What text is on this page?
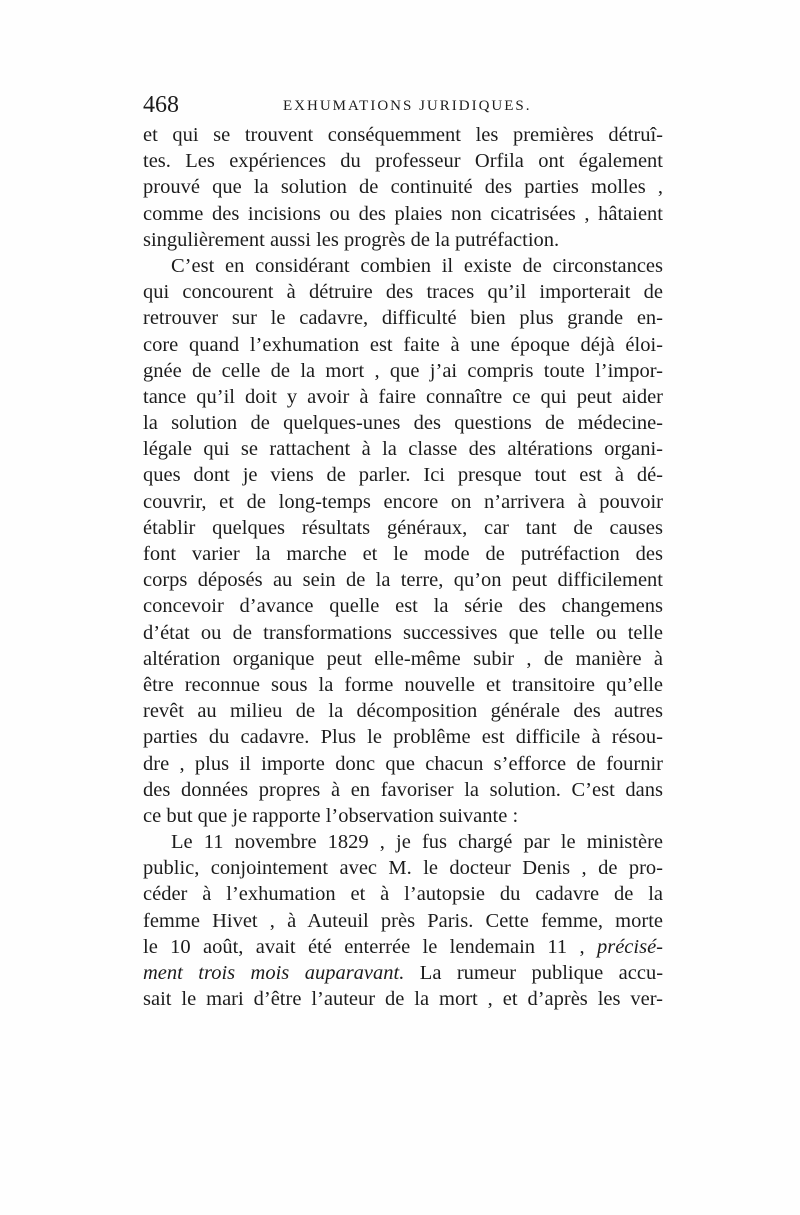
468	EXHUMATIONS JURIDIQUES.
et qui se trouvent conséquemment les premières détruî-
tes. Les expériences du professeur Orfila ont également
prouvé que la solution de continuité des parties molles ,
comme des incisions ou des plaies non cicatrisées , hâtaient
singulièrement aussi les progrès de la putréfaction.
C’est en considérant combien il existe de circonstances
qui concourent à détruire des traces qu’il importerait de
retrouver sur le cadavre, difficulté bien plus grande en-
core quand l’exhumation est faite à une époque déjà éloi-
gnée de celle de la mort , que j’ai compris toute l’impor-
tance qu’il doit y avoir à faire connaître ce qui peut aider
la solution de quelques-unes des questions de médecine-
légale qui se rattachent à la classe des altérations organi-
ques dont je viens de parler. Ici presque tout est à dé-
couvrir, et de long-temps encore on n’arrivera à pouvoir
établir quelques résultats généraux, car tant de causes
font varier la marche et le mode de putréfaction des
corps déposés au sein de la terre, qu’on peut difficilement
concevoir d’avance quelle est la série des changemens
d’état ou de transformations successives que telle ou telle
altération organique peut elle-même subir , de manière à
être reconnue sous la forme nouvelle et transitoire qu’elle
revêt au milieu de la décomposition générale des autres
parties du cadavre. Plus le problême est difficile à résou-
dre , plus il importe donc que chacun s’efforce de fournir
des données propres à en favoriser la solution. C’est dans
ce but que je rapporte l’observation suivante :
Le 11 novembre 1829 , je fus chargé par le ministère
public, conjointement avec M. le docteur Denis , de pro-
céder à l’exhumation et à l’autopsie du cadavre de la
femme Hivet , à Auteuil près Paris. Cette femme, morte
le 10 août, avait été enterrée le lendemain 11 , précisé-
ment trois mois auparavant. La rumeur publique accu-
sait le mari d’être l’auteur de la mort , et d’après les ver-
